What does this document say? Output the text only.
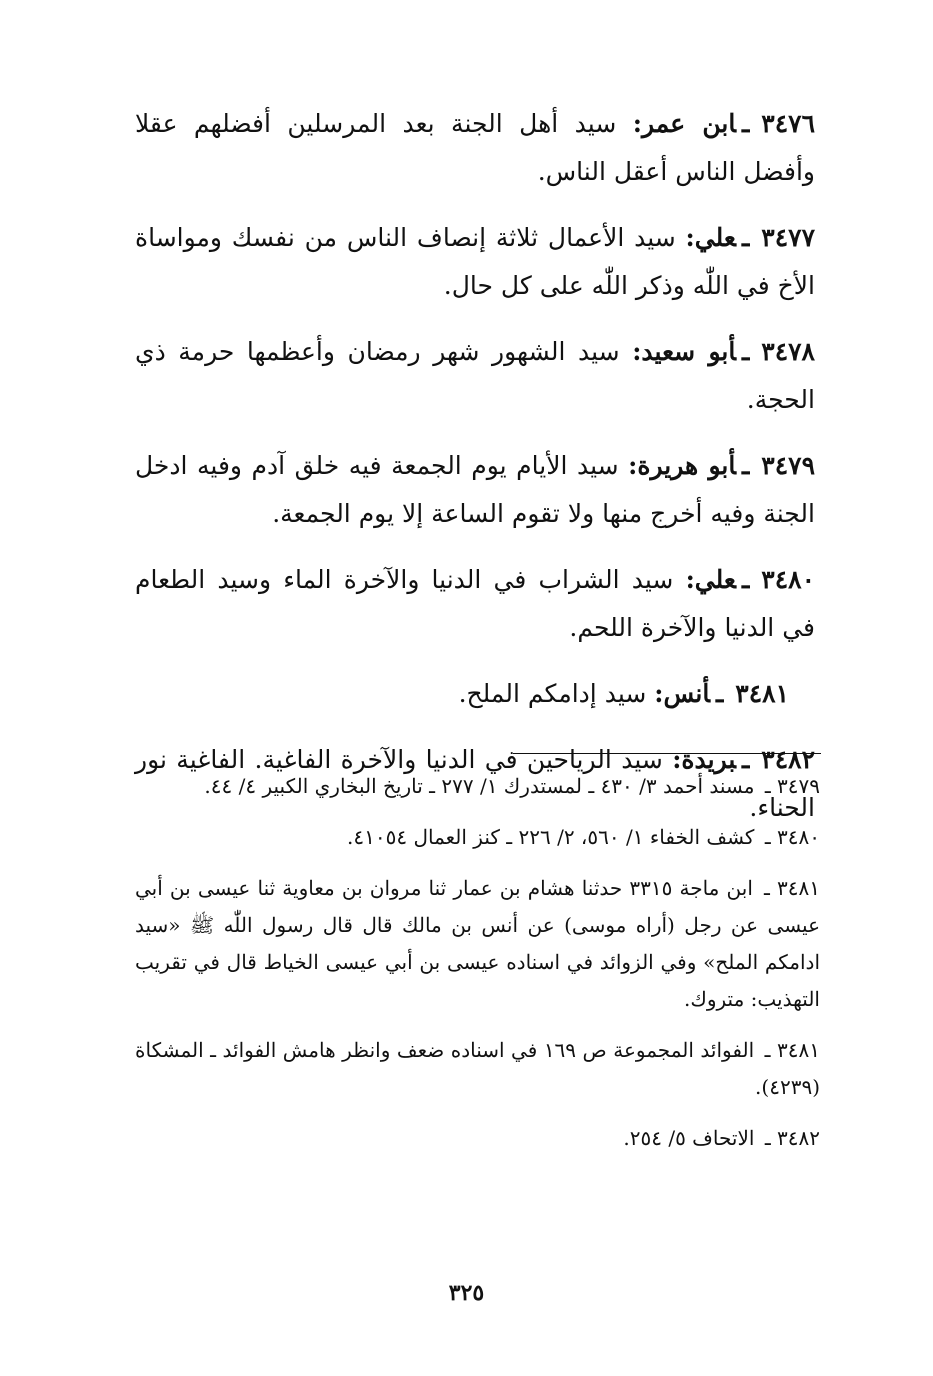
٣٤٧٦ـابن عمر: سيد أهل الجنة بعد المرسلين أفضلهم عقلا وأفضل الناس أعقل الناس.

٣٤٧٧ـعلي: سيد الأعمال ثلاثة إنصاف الناس من نفسك ومواساة الأخ في اللّٰه وذكر اللّٰه على كل حال.

٣٤٧٨ـأبو سعيد: سيد الشهور شهر رمضان وأعظمها حرمة ذي الحجة.

٣٤٧٩ـأبو هريرة: سيد الأيام يوم الجمعة فيه خلق آدم وفيه ادخل الجنة وفيه أخرج منها ولا تقوم الساعة إلا يوم الجمعة.

٣٤٨٠ـعلي: سيد الشراب في الدنيا والآخرة الماء وسيد الطعام في الدنيا والآخرة اللحم.

٣٤٨١ـأنس: سيد إدامكم الملح.

٣٤٨٢ـبريدة: سيد الرياحين في الدنيا والآخرة الفاغية. الفاغية نور الحناء.

٣٤٧٩ ـ مسند أحمد ٣/ ٤٣٠ ـ لمستدرك ١/ ٢٧٧ ـ تاريخ البخاري الكبير ٤/ ٤٤.

٣٤٨٠ ـ كشف الخفاء ١/ ٥٦٠، ٢/ ٢٢٦ ـ كنز العمال ٤١٠٥٤.

٣٤٨١ ـ ابن ماجة ٣٣١٥ حدثنا هشام بن عمار ثنا مروان بن معاوية ثنا عيسى بن أبي عيسى عن رجل (أراه موسى) عن أنس بن مالك قال قال رسول اللّٰه ﷺ «سيد ادامكم الملح» وفي الزوائد في اسناده عيسى بن أبي عيسى الخياط قال في تقريب التهذيب: متروك.

٣٤٨١ ـ الفوائد المجموعة ص ١٦٩ في اسناده ضعف وانظر هامش الفوائد ـ المشكاة (٤٢٣٩).

٣٤٨٢ ـ الاتحاف ٥/ ٢٥٤.

٣٢٥
